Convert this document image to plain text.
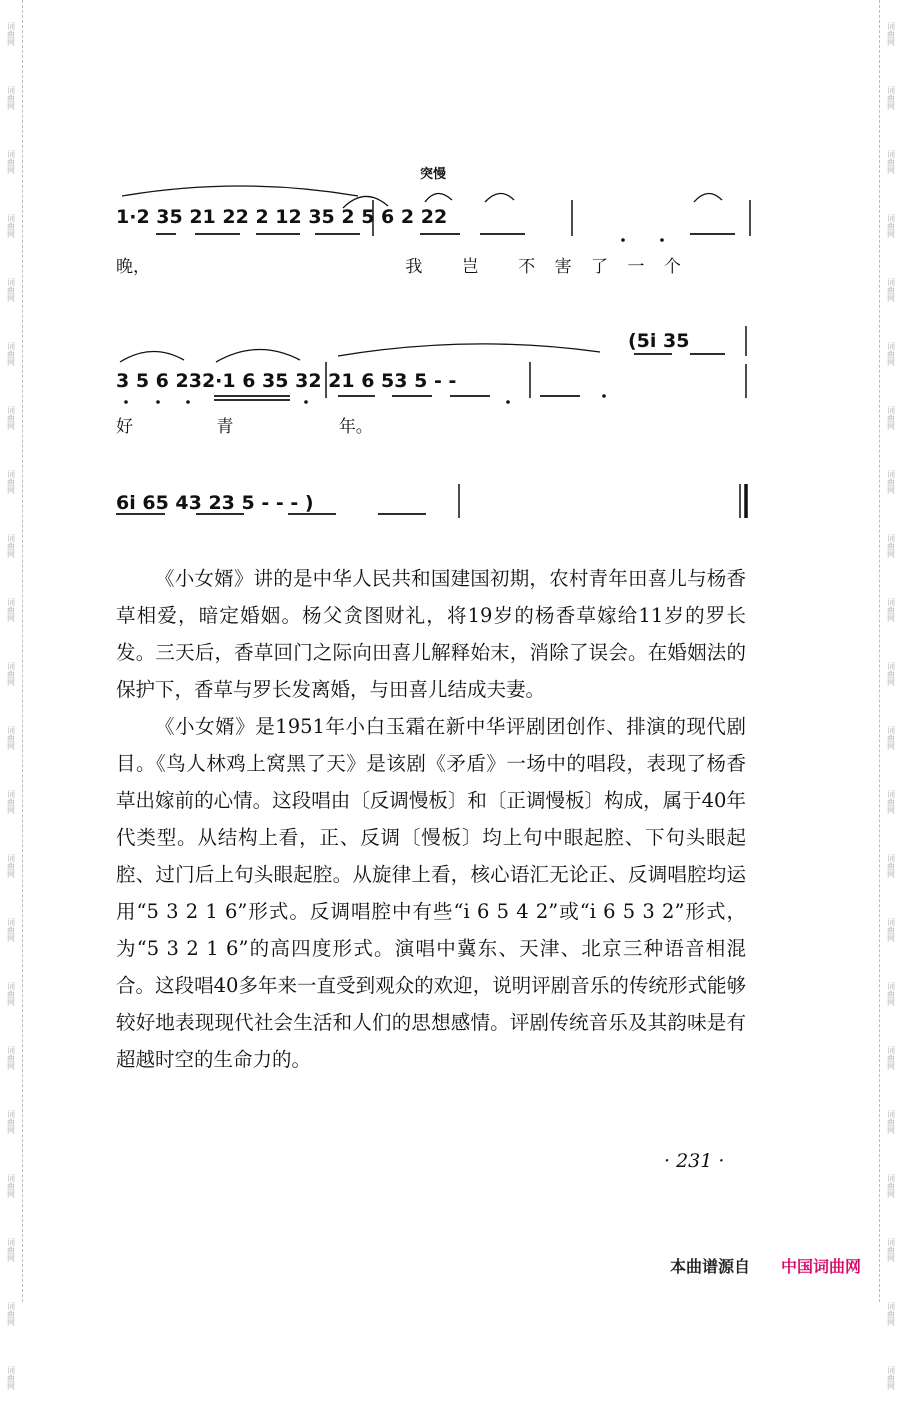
词曲网
词曲网
词曲网
词曲网
词曲网
词曲网
词曲网
词曲网
词曲网
词曲网
词曲网
词曲网
词曲网
词曲网
词曲网
词曲网
词曲网
词曲网
词曲网
词曲网
词曲网
词曲网
词曲网
词曲网
词曲网
词曲网
词曲网
词曲网
词曲网
词曲网
词曲网
词曲网
词曲网
词曲网
词曲网
词曲网
词曲网
词曲网
词曲网
词曲网
词曲网
词曲网
词曲网
词曲网
突慢
1·2 35 21 22 2 12 35 2 5 6 2 22
晚，	我 岂 不 害 了 一 个
(5i 35
3 5 6 232·1 6 35 32 21 6 53 5 - -
好	青	年。
6i 65 43 23 5 - - - )

《小女婿》讲的是中华人民共和国建国初期，农村青年田喜儿与杨香草相爱，暗定婚姻。杨父贪图财礼，将19岁的杨香草嫁给11岁的罗长发。三天后，香草回门之际向田喜儿解释始末，消除了误会。在婚姻法的保护下，香草与罗长发离婚，与田喜儿结成夫妻。

《小女婿》是1951年小白玉霜在新中华评剧团创作、排演的现代剧目。《鸟人林鸡上窝黑了天》是该剧《矛盾》一场中的唱段，表现了杨香草出嫁前的心情。这段唱由〔反调慢板〕和〔正调慢板〕构成，属于40年代类型。从结构上看，正、反调〔慢板〕均上句中眼起腔、下句头眼起腔、过门后上句头眼起腔。从旋律上看，核心语汇无论正、反调唱腔均运用“5 3 2 1 6”形式。反调唱腔中有些“i 6 5 4 2”或“i 6 5 3 2”形式，为“5 3 2 1 6”的高四度形式。演唱中冀东、天津、北京三种语音相混合。这段唱40多年来一直受到观众的欢迎，说明评剧音乐的传统形式能够较好地表现现代社会生活和人们的思想感情。评剧传统音乐及其韵味是有超越时空的生命力的。

· 231 ·
本曲谱源自 中国词曲网
